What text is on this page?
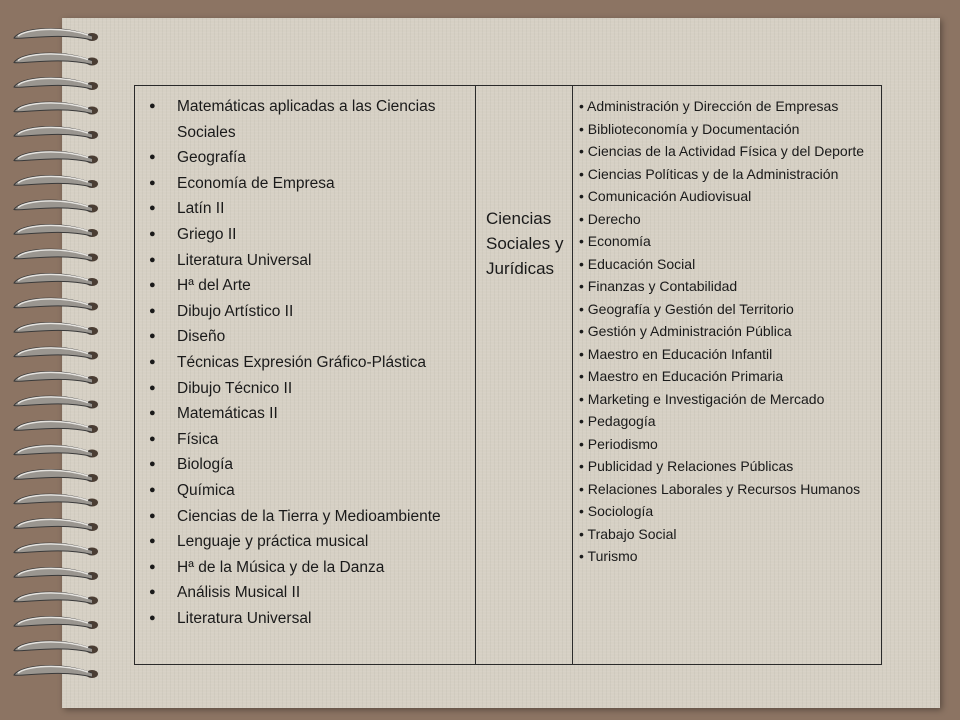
● Matemáticas aplicadas a las Ciencias Sociales
● Geografía
● Economía de Empresa
● Latín II
● Griego II
● Literatura Universal
● Hª del Arte
● Dibujo Artístico II
● Diseño
● Técnicas Expresión Gráfico-Plástica
● Dibujo Técnico II
● Matemáticas II
● Física
● Biología
● Química
● Ciencias de la Tierra y Medioambiente
● Lenguaje y práctica musical
● Hª de la Música y de la Danza
● Análisis Musical II
● Literatura Universal

Ciencias Sociales y Jurídicas

• Administración y Dirección de Empresas
• Biblioteconomía y Documentación
• Ciencias de la Actividad Física y del Deporte
• Ciencias Políticas y de la Administración
• Comunicación Audiovisual
• Derecho
• Economía
• Educación Social
• Finanzas y Contabilidad
• Geografía y Gestión del Territorio
• Gestión y Administración Pública
• Maestro en Educación Infantil
• Maestro en Educación Primaria
• Marketing e Investigación de Mercado
• Pedagogía
• Periodismo
• Publicidad y Relaciones Públicas
• Relaciones Laborales y Recursos Humanos
• Sociología
• Trabajo Social
• Turismo
